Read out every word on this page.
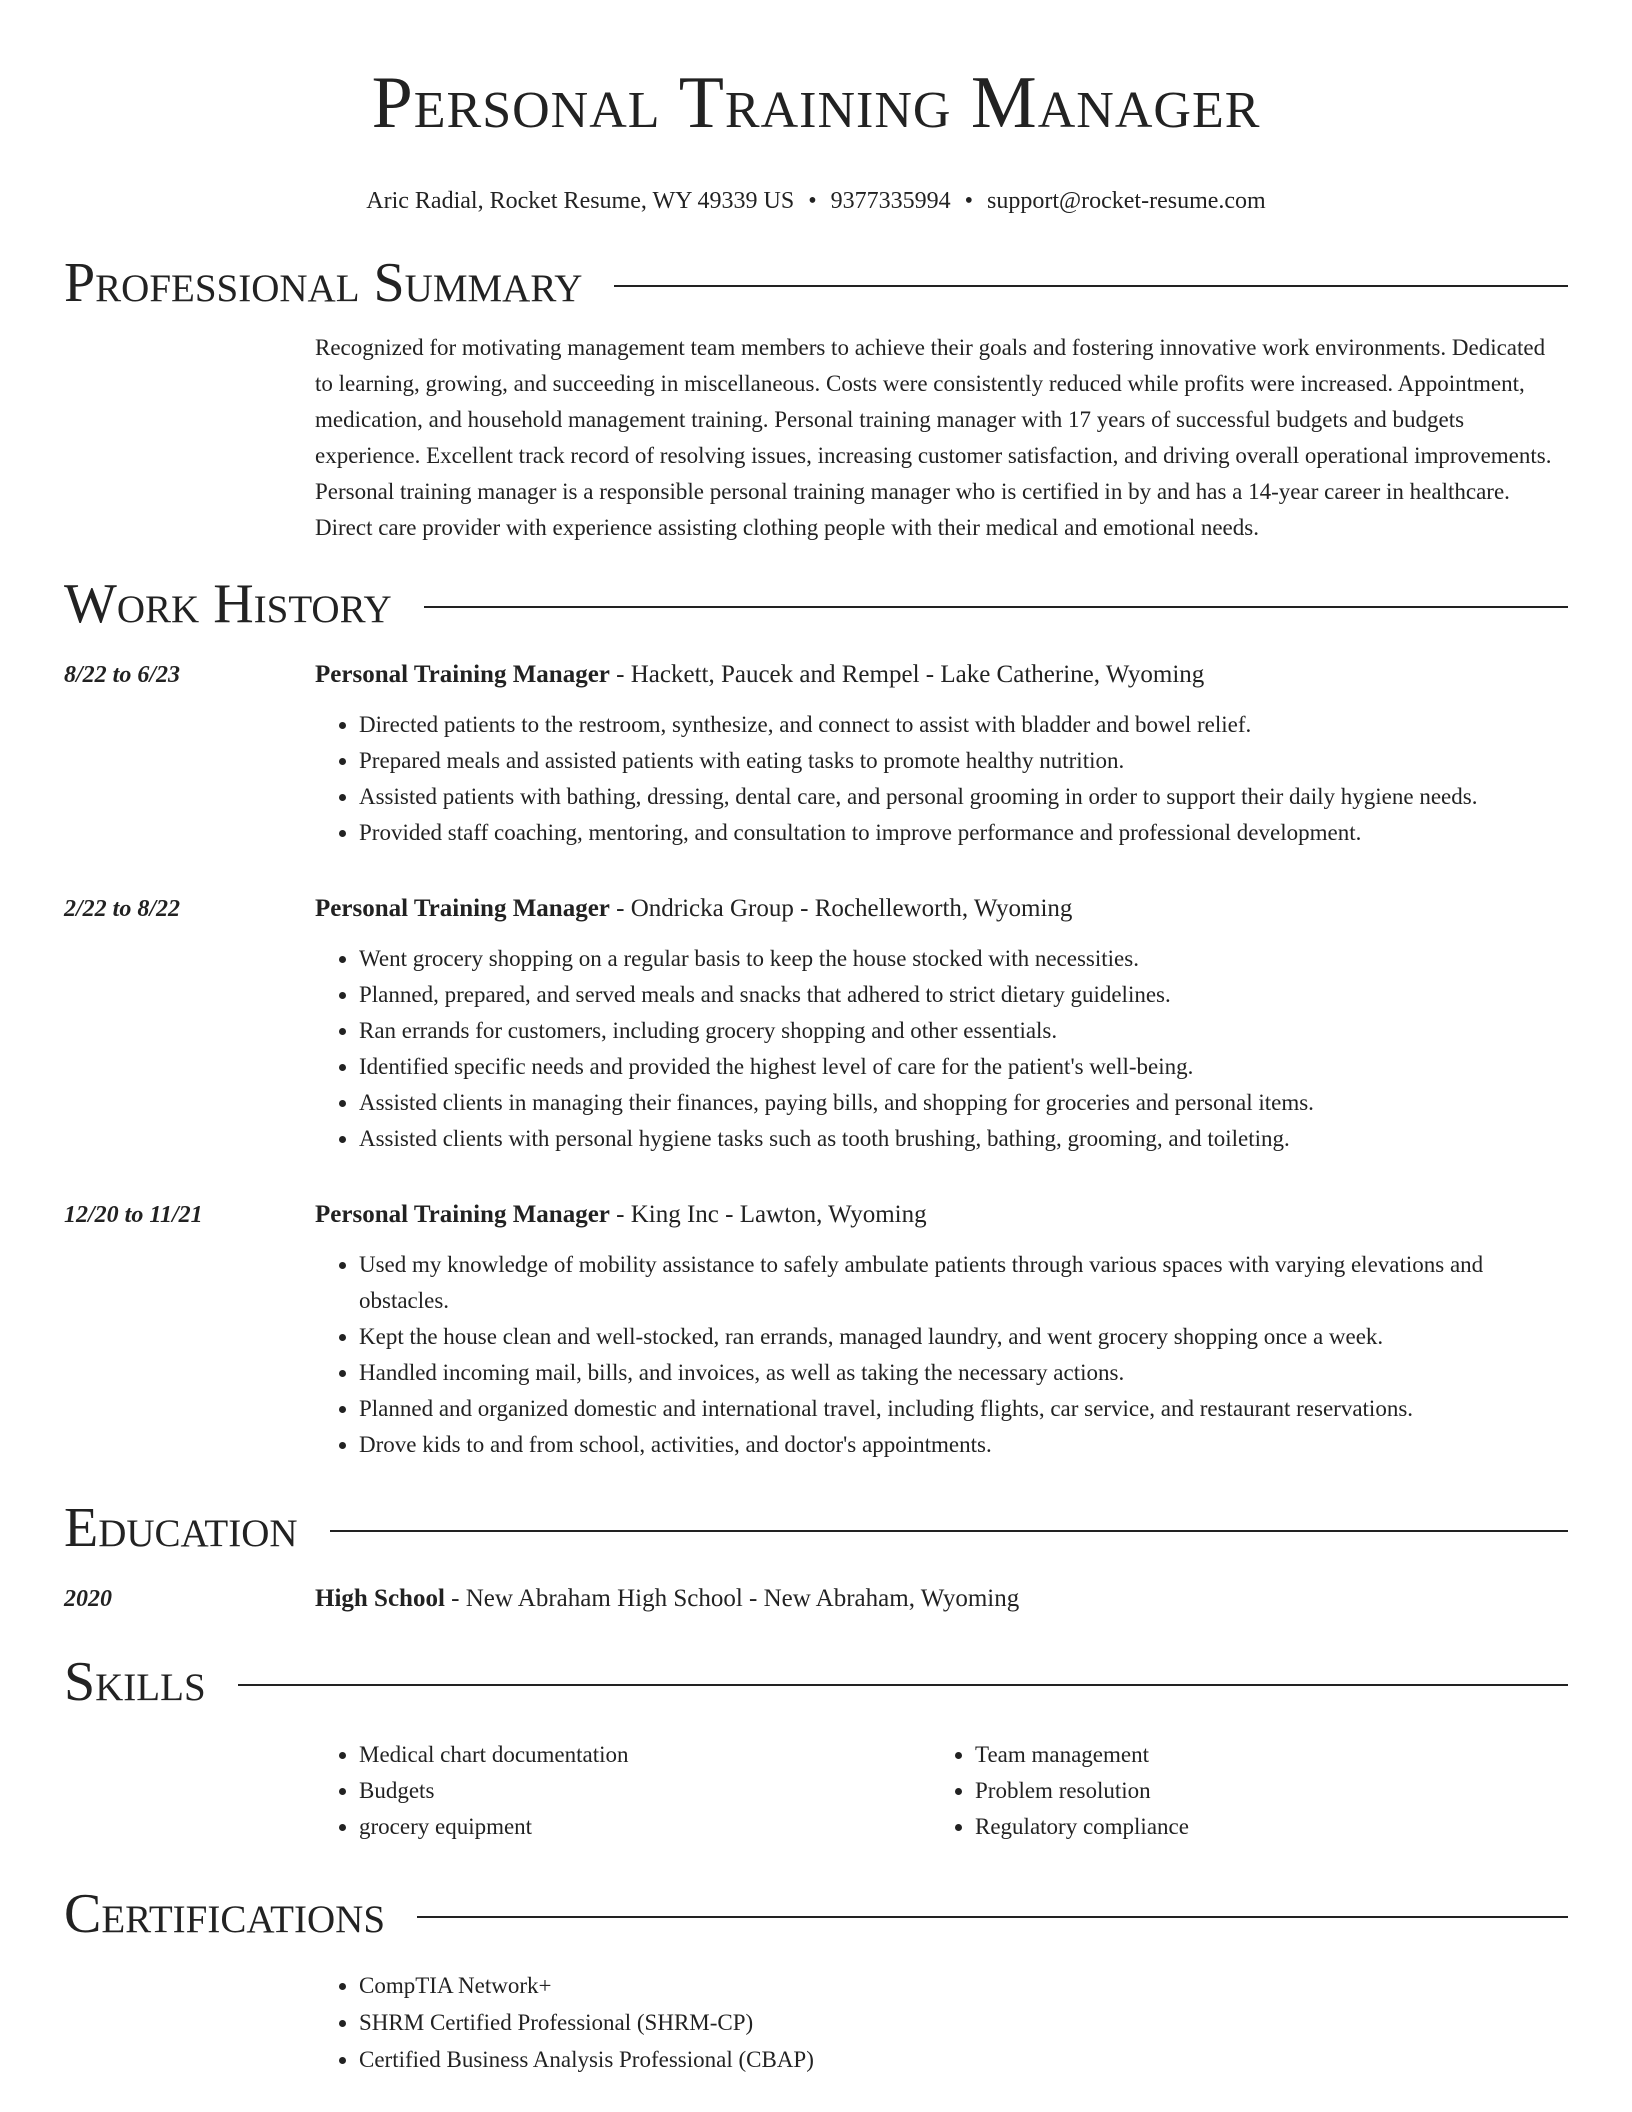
Personal Training Manager
Aric Radial, Rocket Resume, WY 49339 US • 9377335994 • support@rocket-resume.com
Professional Summary

Recognized for motivating management team members to achieve their goals and fostering innovative work environments. Dedicated to learning, growing, and succeeding in miscellaneous. Costs were consistently reduced while profits were increased. Appointment, medication, and household management training. Personal training manager with 17 years of successful budgets and budgets experience. Excellent track record of resolving issues, increasing customer satisfaction, and driving overall operational improvements. Personal training manager is a responsible personal training manager who is certified in by and has a 14-year career in healthcare. Direct care provider with experience assisting clothing people with their medical and emotional needs.

Work History
8/22 to 6/23	Personal Training Manager - Hackett, Paucek and Rempel - Lake Catherine, Wyoming
• Directed patients to the restroom, synthesize, and connect to assist with bladder and bowel relief.
• Prepared meals and assisted patients with eating tasks to promote healthy nutrition.
• Assisted patients with bathing, dressing, dental care, and personal grooming in order to support their daily hygiene needs.
• Provided staff coaching, mentoring, and consultation to improve performance and professional development.
2/22 to 8/22	Personal Training Manager - Ondricka Group - Rochelleworth, Wyoming
• Went grocery shopping on a regular basis to keep the house stocked with necessities.
• Planned, prepared, and served meals and snacks that adhered to strict dietary guidelines.
• Ran errands for customers, including grocery shopping and other essentials.
• Identified specific needs and provided the highest level of care for the patient's well-being.
• Assisted clients in managing their finances, paying bills, and shopping for groceries and personal items.
• Assisted clients with personal hygiene tasks such as tooth brushing, bathing, grooming, and toileting.
12/20 to 11/21	Personal Training Manager - King Inc - Lawton, Wyoming
• Used my knowledge of mobility assistance to safely ambulate patients through various spaces with varying elevations and obstacles.
• Kept the house clean and well-stocked, ran errands, managed laundry, and went grocery shopping once a week.
• Handled incoming mail, bills, and invoices, as well as taking the necessary actions.
• Planned and organized domestic and international travel, including flights, car service, and restaurant reservations.
• Drove kids to and from school, activities, and doctor's appointments.
Education
2020	High School - New Abraham High School - New Abraham, Wyoming
Skills
• Medical chart documentation
• Budgets
• grocery equipment
• Team management
• Problem resolution
• Regulatory compliance
Certifications
• CompTIA Network+
• SHRM Certified Professional (SHRM-CP)
• Certified Business Analysis Professional (CBAP)
